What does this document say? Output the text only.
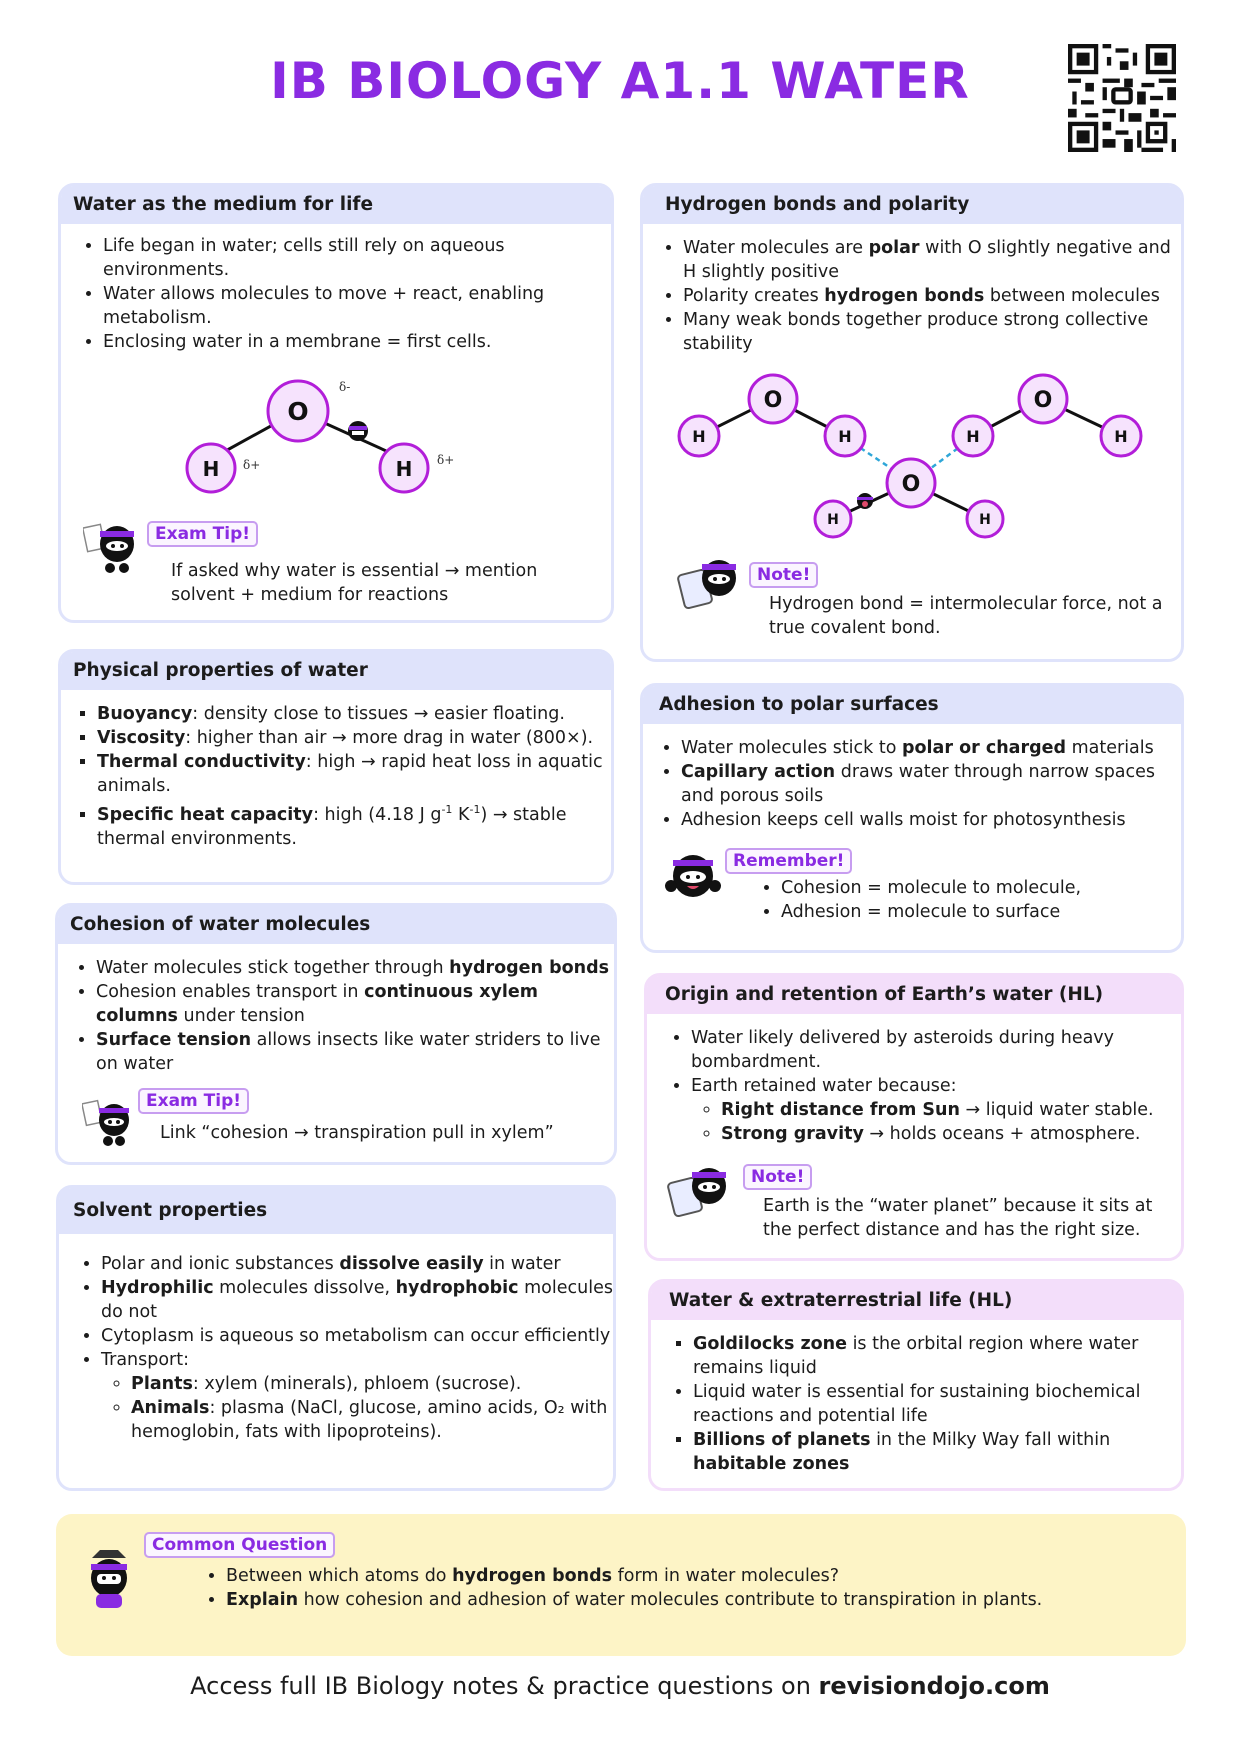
IB BIOLOGY A1.1 WATER
Water as the medium for life
• Life began in water; cells still rely on aqueous environments.
• Water allows molecules to move + react, enabling metabolism.
• Enclosing water in a membrane = first cells.
O
H	H
δ-
δ+	δ+
Exam Tip!
If asked why water is essential → mention solvent + medium for reactions
Hydrogen bonds and polarity
• Water molecules are polar with O slightly negative and H slightly positive
• Polarity creates hydrogen bonds between molecules
• Many weak bonds together produce strong collective stability
O	O
O
H	H	H	H
H	H
Note!
Hydrogen bond = intermolecular force, not a true covalent bond.
Physical properties of water
▪ Buoyancy: density close to tissues → easier floating.
▪ Viscosity: higher than air → more drag in water (800×).
▪ Thermal conductivity: high → rapid heat loss in aquatic animals.
▪ Specific heat capacity: high (4.18 J $g^{-1}$ $K^{-1}$) → stable thermal environments.
Adhesion to polar surfaces
• Water molecules stick to polar or charged materials
• Capillary action draws water through narrow spaces and porous soils
• Adhesion keeps cell walls moist for photosynthesis
Remember!
• Cohesion = molecule to molecule,
• Adhesion = molecule to surface
Cohesion of water molecules
• Water molecules stick together through hydrogen bonds
• Cohesion enables transport in continuous xylem columns under tension
• Surface tension allows insects like water striders to live on water
Exam Tip!
Link “cohesion → transpiration pull in xylem”
Origin and retention of Earth’s water (HL)
• Water likely delivered by asteroids during heavy bombardment.
• Earth retained water because:
◦ Right distance from Sun → liquid water stable.
◦ Strong gravity → holds oceans + atmosphere.
Note!
Earth is the “water planet” because it sits at the perfect distance and has the right size.
Solvent properties
• Polar and ionic substances dissolve easily in water
• Hydrophilic molecules dissolve, hydrophobic molecules do not
• Cytoplasm is aqueous so metabolism can occur efficiently
• Transport:
◦ Plants: xylem (minerals), phloem (sucrose).
◦ Animals: plasma (NaCl, glucose, amino acids, O₂ with hemoglobin, fats with lipoproteins).
Water & extraterrestrial life (HL)
▪ Goldilocks zone is the orbital region where water remains liquid
• Liquid water is essential for sustaining biochemical reactions and potential life
▪ Billions of planets in the Milky Way fall within habitable zones
Common Question
• Between which atoms do hydrogen bonds form in water molecules?
• Explain how cohesion and adhesion of water molecules contribute to transpiration in plants.
Access full IB Biology notes & practice questions on revisiondojo.com
